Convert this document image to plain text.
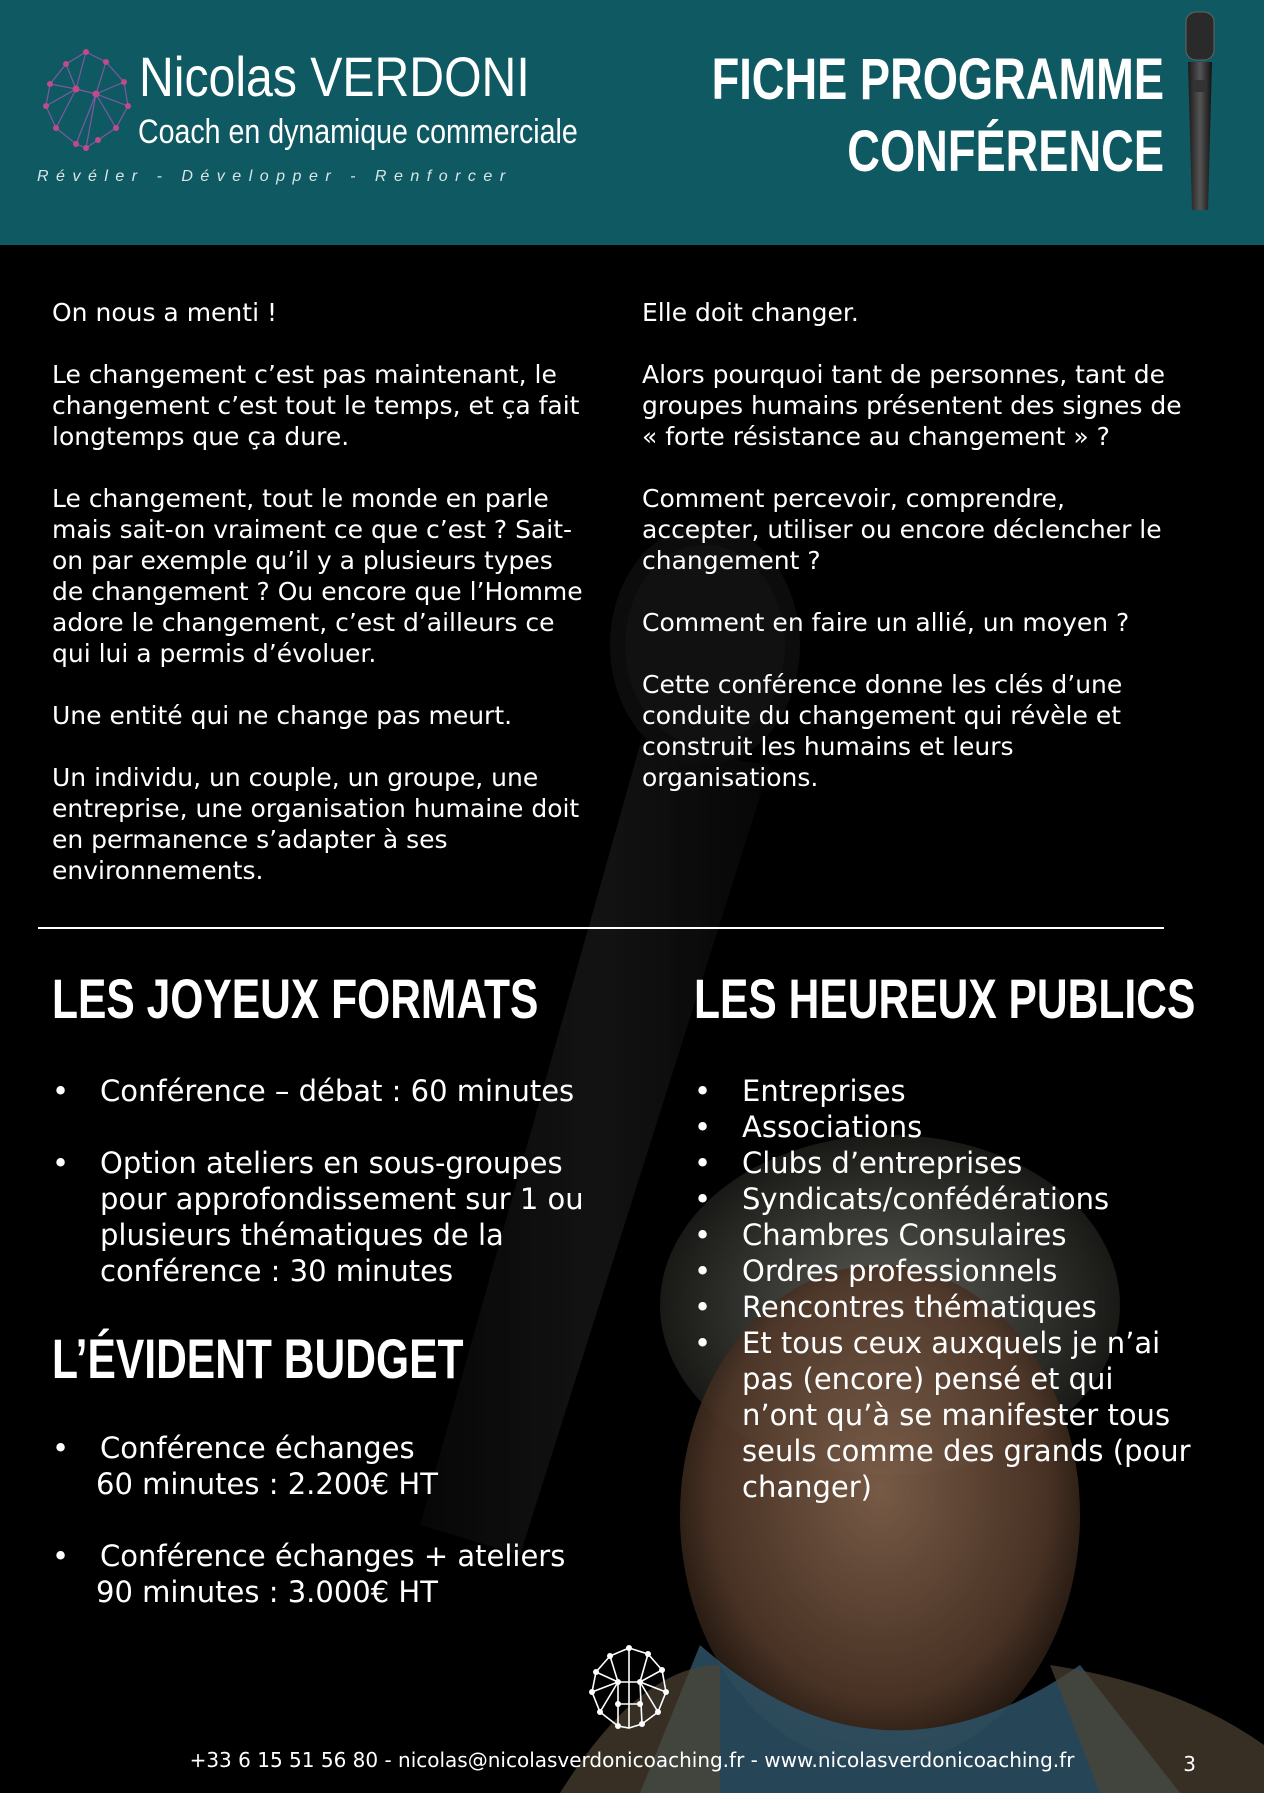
Nicolas VERDONI
Coach en dynamique commerciale
Révéler - Développer - Renforcer
FICHE PROGRAMME
CONFÉRENCE

On nous a menti !

Le changement c’est pas maintenant, le changement c’est tout le temps, et ça fait longtemps que ça dure.

Le changement, tout le monde en parle mais sait-on vraiment ce que c’est ? Sait-on par exemple qu’il y a plusieurs types de changement ? Ou encore que l’Homme adore le changement, c’est d’ailleurs ce qui lui a permis d’évoluer.

Une entité qui ne change pas meurt.

Un individu, un couple, un groupe, une entreprise, une organisation humaine doit en permanence s’adapter à ses environnements.

Elle doit changer.

Alors pourquoi tant de personnes, tant de groupes humains présentent des signes de « forte résistance au changement » ?

Comment percevoir, comprendre, accepter, utiliser ou encore déclencher le changement ?

Comment en faire un allié, un moyen ?

Cette conférence donne les clés d’une conduite du changement qui révèle et construit les humains et leurs organisations.

LES JOYEUX FORMATS
• Conférence – débat : 60 minutes
• Option ateliers en sous-groupes pour approfondissement sur 1 ou plusieurs thématiques de la conférence : 30 minutes
L’ÉVIDENT BUDGET
• Conférence échanges
60 minutes : 2.200€ HT
• Conférence échanges + ateliers
90 minutes : 3.000€ HT
LES HEUREUX PUBLICS
• Entreprises
• Associations
• Clubs d’entreprises
• Syndicats/confédérations
• Chambres Consulaires
• Ordres professionnels
• Rencontres thématiques
• Et tous ceux auxquels je n’ai pas (encore) pensé et qui n’ont qu’à se manifester tous seuls comme des grands (pour changer)
+33 6 15 51 56 80 - nicolas@nicolasverdonicoaching.fr - www.nicolasverdonicoaching.fr	3
